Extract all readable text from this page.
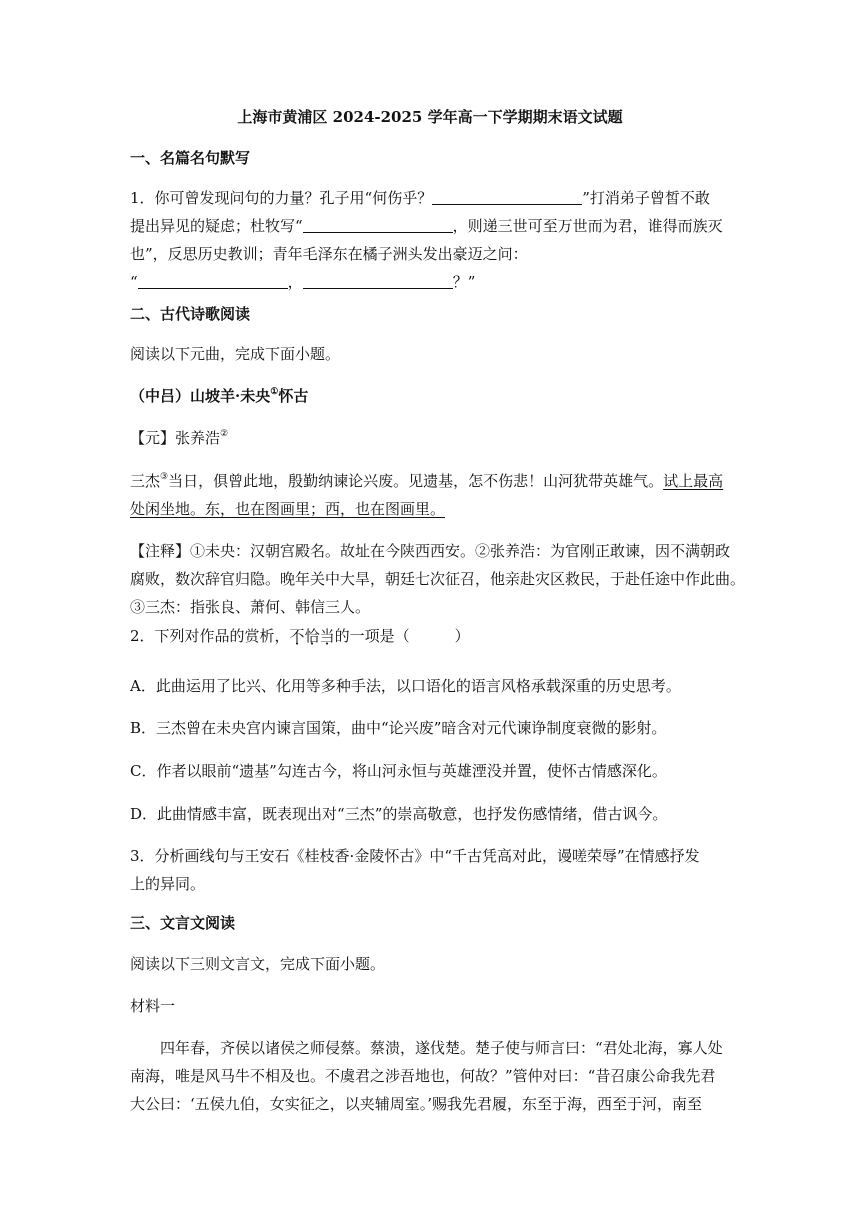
上海市黄浦区 2024-2025 学年高一下学期期末语文试题
一、名篇名句默写
1．你可曾发现问句的力量？孔子用“何伤乎？	”打消弟子曾皙不敢
提出异见的疑虑；杜牧写“	，则递三世可至万世而为君，谁得而族灭
也”，反思历史教训；青年毛泽东在橘子洲头发出豪迈之问：
“	，	？”
二、古代诗歌阅读
阅读以下元曲，完成下面小题。
（中吕）山坡羊·未央①怀古
【元】张养浩②
三杰③当日，俱曾此地，殷勤纳谏论兴废。见遗基，怎不伤悲！山河犹带英雄气。试上最高
处闲坐地。东，也在图画里；西，也在图画里。
【注释】①未央：汉朝宫殿名。故址在今陕西西安。②张养浩：为官刚正敢谏，因不满朝政
腐败，数次辞官归隐。晚年关中大旱，朝廷七次征召，他亲赴灾区救民，于赴任途中作此曲。
③三杰：指张良、萧何、韩信三人。
2．下列对作品的赏析，不恰当的一项是（　　　）
A．此曲运用了比兴、化用等多种手法，以口语化的语言风格承载深重的历史思考。
B．三杰曾在未央宫内谏言国策，曲中“论兴废”暗含对元代谏诤制度衰微的影射。
C．作者以眼前“遗基”勾连古今，将山河永恒与英雄湮没并置，使怀古情感深化。
D．此曲情感丰富，既表现出对“三杰”的崇高敬意，也抒发伤感情绪，借古讽今。
3．分析画线句与王安石《桂枝香·金陵怀古》中“千古凭高对此，谩嗟荣辱”在情感抒发
上的异同。
三、文言文阅读
阅读以下三则文言文，完成下面小题。
材料一
　　四年春，齐侯以诸侯之师侵蔡。蔡溃，遂伐楚。楚子使与师言曰：“君处北海，寡人处
南海，唯是风马牛不相及也。不虞君之涉吾地也，何故？”管仲对曰：“昔召康公命我先君
大公曰：‘五侯九伯，女实征之，以夹辅周室。’赐我先君履，东至于海，西至于河，南至
